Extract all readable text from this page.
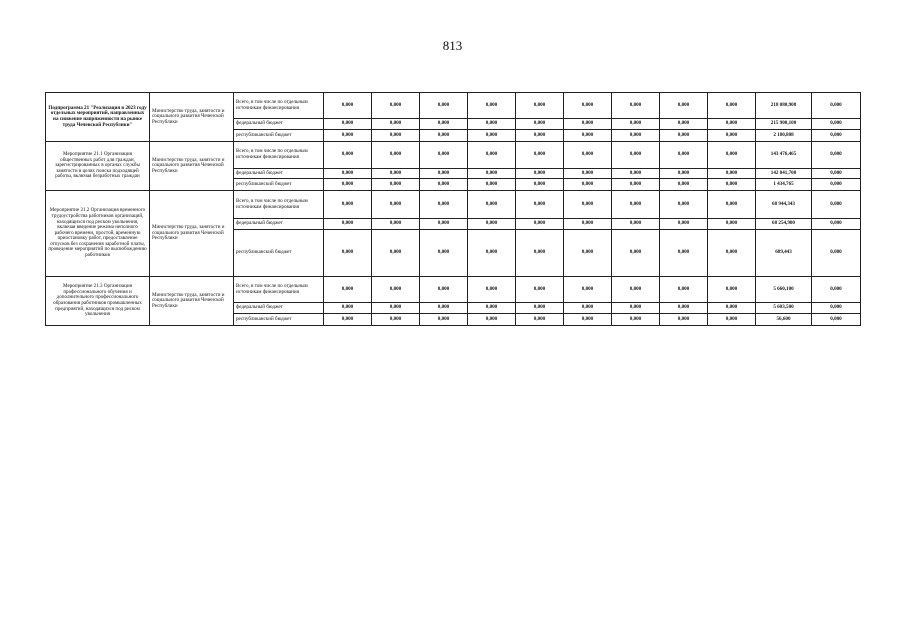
813
Подпрограмма 21 "Реализация в 2023 году отдельных мероприятий, направленных на снижение напряженности на рынке труда Чеченской Республики"	Министерство труда, занятости и социального развития Чеченской Республики	Всего, в том числе по отдельным источникам финансирования	0,000	0,000	0,000	0,000	0,000	0,000	0,000	0,000	0,000	218 080,908	0,000
		федеральный бюджет	0,000	0,000	0,000	0,000	0,000	0,000	0,000	0,000	0,000	215 900,100	0,000
		республиканский бюджет	0,000	0,000	0,000	0,000	0,000	0,000	0,000	0,000	0,000	2 180,808	0,000
Мероприятие 21.1 Организация общественных работ для граждан, зарегистрированных в органах службы занятости в целях поиска подходящей работы, включая безработных граждан	Министерство труда, занятости и социального развития Чеченской Республики	Всего, в том числе по отдельным источникам финансирования	0,000	0,000	0,000	0,000	0,000	0,000	0,000	0,000	0,000	143 476,465	0,000
		федеральный бюджет	0,000	0,000	0,000	0,000	0,000	0,000	0,000	0,000	0,000	142 041,700	0,000
		республиканский бюджет	0,000	0,000	0,000	0,000	0,000	0,000	0,000	0,000	0,000	1 434,765	0,000
Мероприятие 21.2 Организация временного трудоустройства работников организаций, находящихся под риском увольнения, включая введение режима неполного рабочего времени, простой, временную приостановку работ, предоставление отпусков без сохранения заработной платы, проведение мероприятий по высвобождению работников	Министерство труда, занятости и социального развития Чеченской Республики	Всего, в том числе по отдельным источникам финансирования	0,000	0,000	0,000	0,000	0,000	0,000	0,000	0,000	0,000	68 944,343	0,000
		федеральный бюджет	0,000	0,000	0,000	0,000	0,000	0,000	0,000	0,000	0,000	68 254,900	0,000
		республиканский бюджет	0,000	0,000	0,000	0,000	0,000	0,000	0,000	0,000	0,000	689,443	0,000
Мероприятие 21.3 Организация профессионального обучения и дополнительного профессионального образования работников промышленных предприятий, находящихся под риском увольнения	Министерство труда, занятости и социального развития Чеченской Республики	Всего, в том числе по отдельным источникам финансирования	0,000	0,000	0,000	0,000	0,000	0,000	0,000	0,000	0,000	5 660,100	0,000
		федеральный бюджет	0,000	0,000	0,000	0,000	0,000	0,000	0,000	0,000	0,000	5 603,500	0,000
		республиканский бюджет	0,000	0,000	0,000	0,000	0,000	0,000	0,000	0,000	0,000	56,600	0,000
